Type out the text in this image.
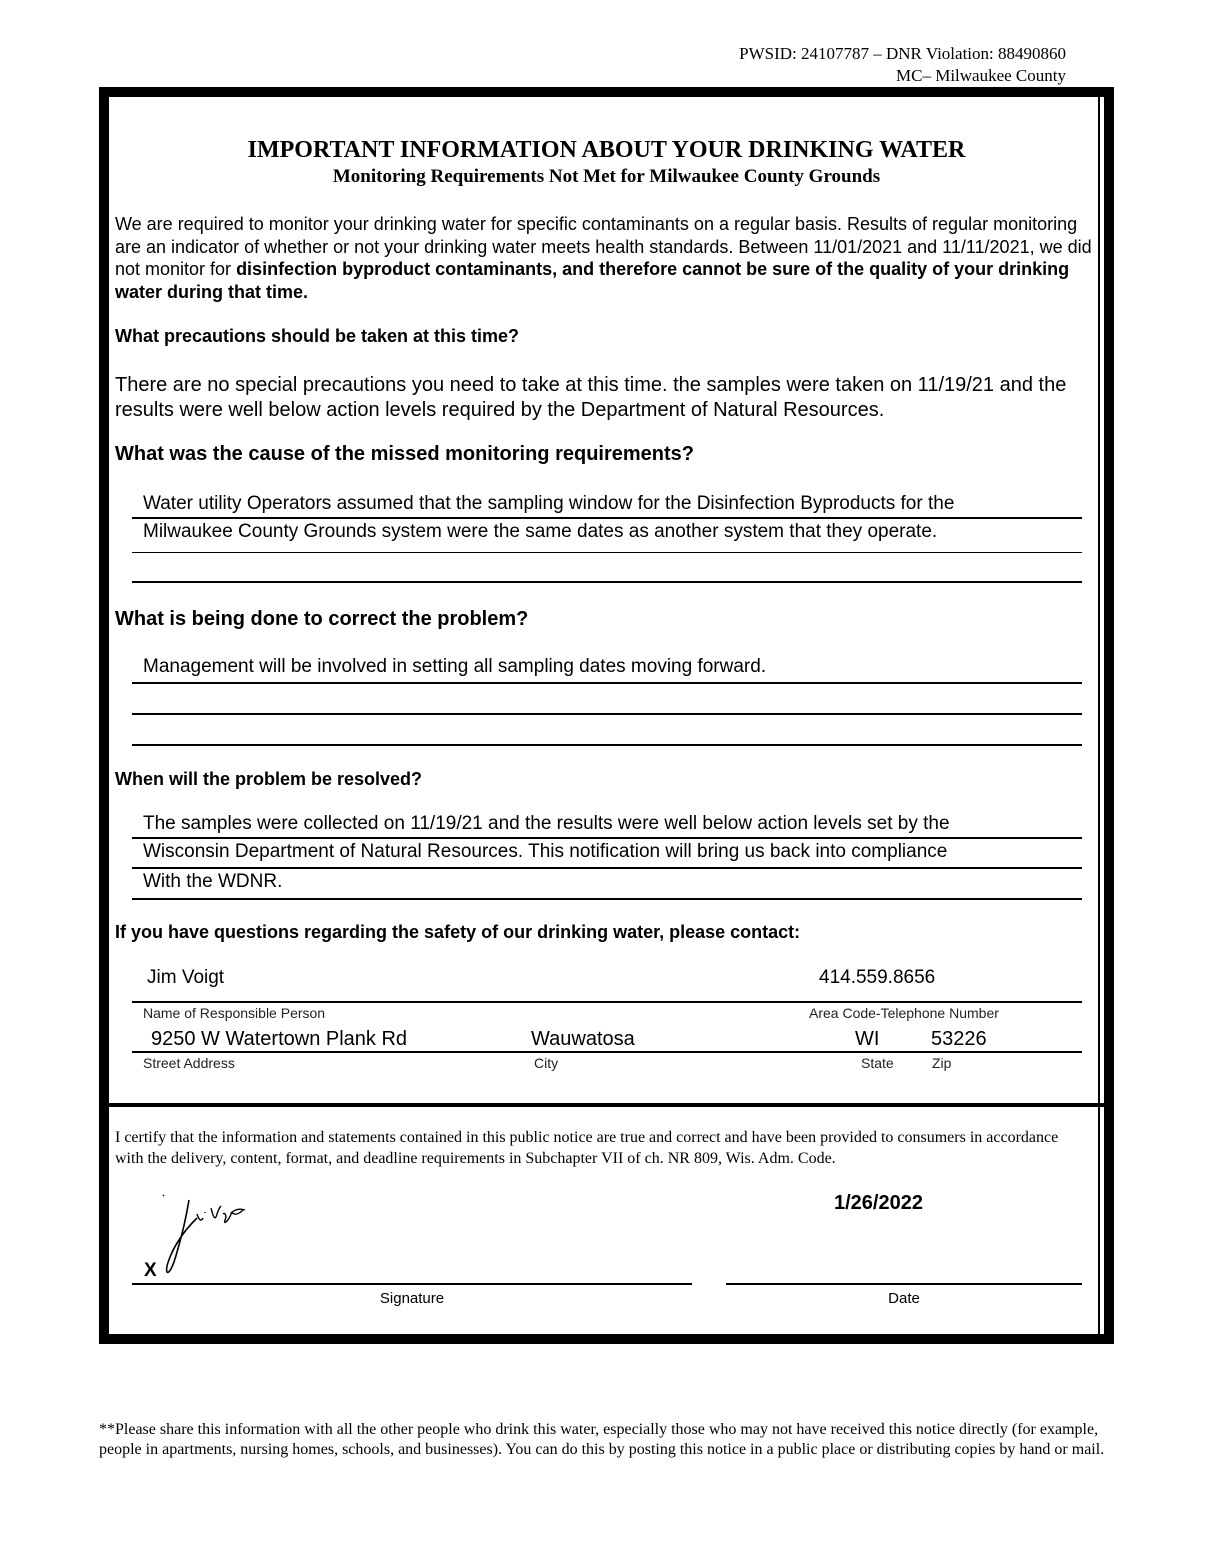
PWSID: 24107787 – DNR Violation: 88490860
MC– Milwaukee County
IMPORTANT INFORMATION ABOUT YOUR DRINKING WATER
Monitoring Requirements Not Met for Milwaukee County Grounds
We are required to monitor your drinking water for specific contaminants on a regular basis. Results of regular monitoring are an indicator of whether or not your drinking water meets health standards. Between 11/01/2021 and 11/11/2021, we did not monitor for disinfection byproduct contaminants, and therefore cannot be sure of the quality of your drinking water during that time.
What precautions should be taken at this time?
There are no special precautions you need to take at this time. the samples were taken on 11/19/21 and the results were well below action levels required by the Department of Natural Resources.
What was the cause of the missed monitoring requirements?
Water utility Operators assumed that the sampling window for the Disinfection Byproducts for the
Milwaukee County Grounds system were the same dates as another system that they operate.
What is being done to correct the problem?
Management will be involved in setting all sampling dates moving forward.
When will the problem be resolved?
The samples were collected on 11/19/21 and the results were well below action levels set by the
Wisconsin Department of Natural Resources. This notification will bring us back into compliance
With the WDNR.
If you have questions regarding the safety of our drinking water, please contact:
Jim Voigt	414.559.8656
Name of Responsible Person	Area Code-Telephone Number
9250 W Watertown Plank Rd	Wauwatosa	WI	53226
Street Address	City	State	Zip
I certify that the information and statements contained in this public notice are true and correct and have been provided to consumers in accordance with the delivery, content, format, and deadline requirements in Subchapter VII of ch. NR 809, Wis. Adm. Code.
X
1/26/2022
Signature	Date
**Please share this information with all the other people who drink this water, especially those who may not have received this notice directly (for example, people in apartments, nursing homes, schools, and businesses). You can do this by posting this notice in a public place or distributing copies by hand or mail.
